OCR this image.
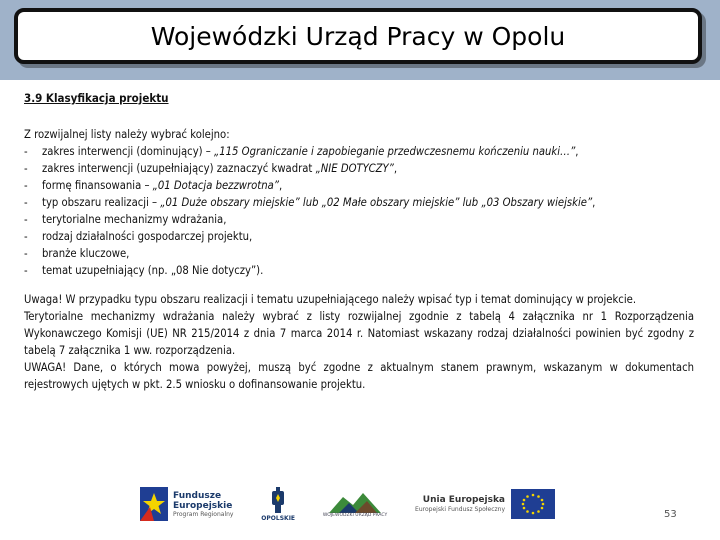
Wojewódzki Urząd Pracy w Opolu

3.9 Klasyfikacja projektu

Z rozwijalnej listy należy wybrać kolejno:

- zakres interwencji (dominujący) – „115 Ograniczanie i zapobieganie przedwczesnemu kończeniu nauki…”,
- zakres interwencji (uzupełniający) zaznaczyć kwadrat „NIE DOTYCZY”,
- formę finansowania – „01 Dotacja bezzwrotna”,
- typ obszaru realizacji – „01 Duże obszary miejskie” lub „02 Małe obszary miejskie” lub „03 Obszary wiejskie”,
- terytorialne mechanizmy wdrażania,
- rodzaj działalności gospodarczej projektu,
- branże kluczowe,
- temat uzupełniający (np. „08 Nie dotyczy”).

Uwaga! W przypadku typu obszaru realizacji i tematu uzupełniającego należy wpisać typ i temat dominujący w projekcie.

Terytorialne mechanizmy wdrażania należy wybrać z listy rozwijalnej zgodnie z tabelą 4 załącznika nr 1 Rozporządzenia Wykonawczego Komisji (UE) NR 215/2014 z dnia 7 marca 2014 r. Natomiast wskazany rodzaj działalności powinien być zgodny z tabelą 7 załącznika 1 ww. rozporządzenia.

UWAGA! Dane, o których mowa powyżej, muszą być zgodne z aktualnym stanem prawnym, wskazanym w dokumentach rejestrowych ujętych w pkt. 2.5 wniosku o dofinansowanie projektu.

Fundusze
Europejskie
Program Regionalny
OPOLSKIE	WOJEWÓDZKI URZĄD PRACY
Unia Europejska
Europejski Fundusz Społeczny	53
